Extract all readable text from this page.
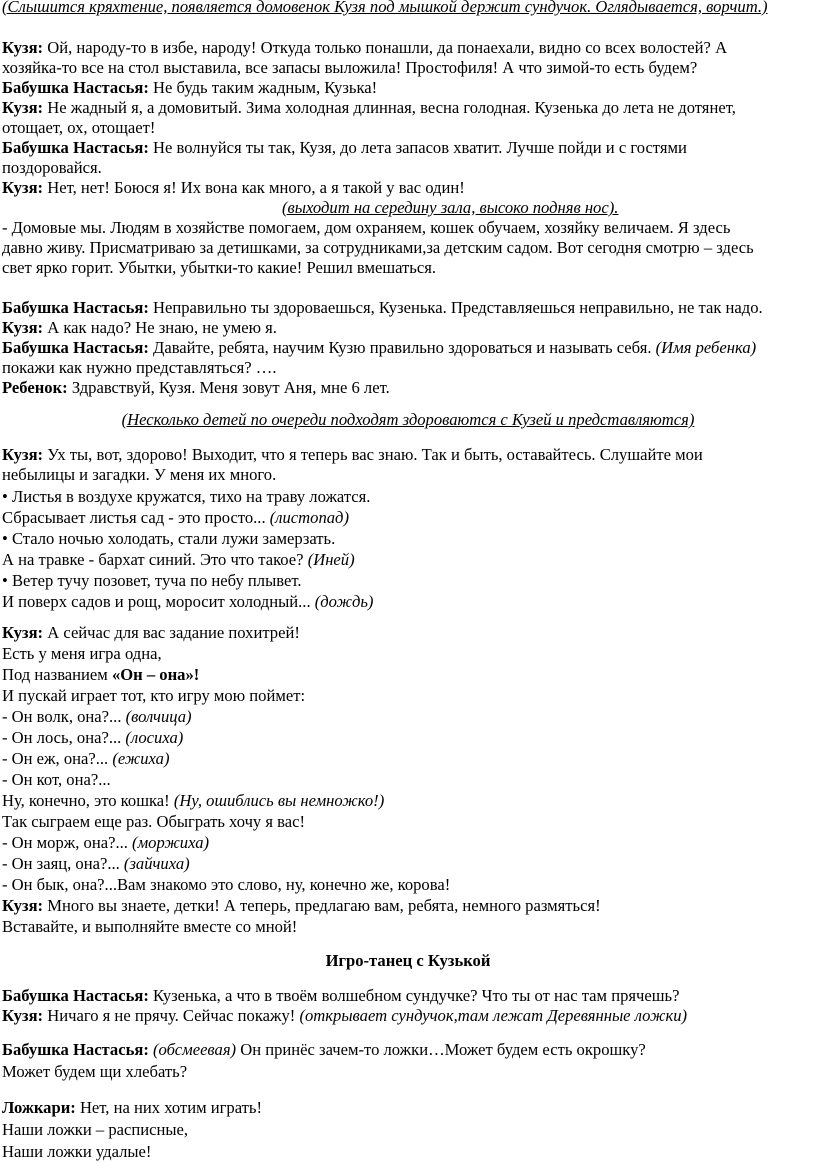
(Слышится кряхтение, появляется домовенок Кузя под мышкой держит сундучок. Оглядывается, ворчит.)
Кузя: Ой, народу-то в избе, народу! Откуда только понашли, да понаехали, видно со всех волостей? А
хозяйка-то все на стол выставила, все запасы выложила! Простофиля! А что зимой-то есть будем?
Бабушка Настасья: Не будь таким жадным, Кузька!
Кузя: Не жадный я, а домовитый. Зима холодная длинная, весна голодная. Кузенька до лета не дотянет,
отощает, ох, отощает!
Бабушка Настасья: Не волнуйся ты так, Кузя, до лета запасов хватит. Лучше пойди и с гостями
поздоровайся.
Кузя: Нет, нет! Боюся я! Их вона как много, а я такой у вас один!
(выходит на середину зала, высоко подняв нос).
- Домовые мы. Людям в хозяйстве помогаем, дом охраняем, кошек обучаем, хозяйку величаем. Я здесь
давно живу. Присматриваю за детишками, за сотрудниками,за детским садом. Вот сегодня смотрю – здесь
свет ярко горит. Убытки, убытки-то какие! Решил вмешаться.
Бабушка Настасья: Неправильно ты здороваешься, Кузенька. Представляешься неправильно, не так надо.
Кузя: А как надо? Не знаю, не умею я.
Бабушка Настасья: Давайте, ребята, научим Кузю правильно здороваться и называть себя. (Имя ребенка)
покажи как нужно представляться? ….
Ребенок: Здравствуй, Кузя. Меня зовут Аня, мне 6 лет.
(Несколько детей по очереди подходят здороваются с Кузей и представляются)
Кузя: Ух ты, вот, здорово! Выходит, что я теперь вас знаю. Так и быть, оставайтесь. Слушайте мои
небылицы и загадки. У меня их много.
• Листья в воздухе кружатся, тихо на траву ложатся.
Сбрасывает листья сад - это просто... (листопад)
• Стало ночью холодать, стали лужи замерзать.
А на травке - бархат синий. Это что такое? (Иней)
• Ветер тучу позовет, туча по небу плывет.
И поверх садов и рощ, моросит холодный... (дождь)
Кузя: А сейчас для вас задание похитрей!
Есть у меня игра одна,
Под названием «Он – она»!
И пускай играет тот, кто игру мою поймет:
- Он волк, она?... (волчица)
- Он лось, она?... (лосиха)
- Он еж, она?... (ежиха)
- Он кот, она?...
Ну, конечно, это кошка! (Ну, ошиблись вы немножко!)
Так сыграем еще раз. Обыграть хочу я вас!
- Он морж, она?... (моржиха)
- Он заяц, она?... (зайчиха)
- Он бык, она?...Вам знакомо это слово, ну, конечно же, корова!
Кузя: Много вы знаете, детки! А теперь, предлагаю вам, ребята, немного размяться!
Вставайте, и выполняйте вместе со мной!
Игро-танец с Кузькой
Бабушка Настасья: Кузенька, а что в твоём волшебном сундучке? Что ты от нас там прячешь?
Кузя: Ничаго я не прячу. Сейчас покажу! (открывает сундучок,там лежат Деревянные ложки)
Бабушка Настасья: (обсмеевая) Он принёс зачем-то ложки…Может будем есть окрошку?
Может будем щи хлебать?
Ложкари: Нет, на них хотим играть!
Наши ложки – расписные,
Наши ложки удалые!
